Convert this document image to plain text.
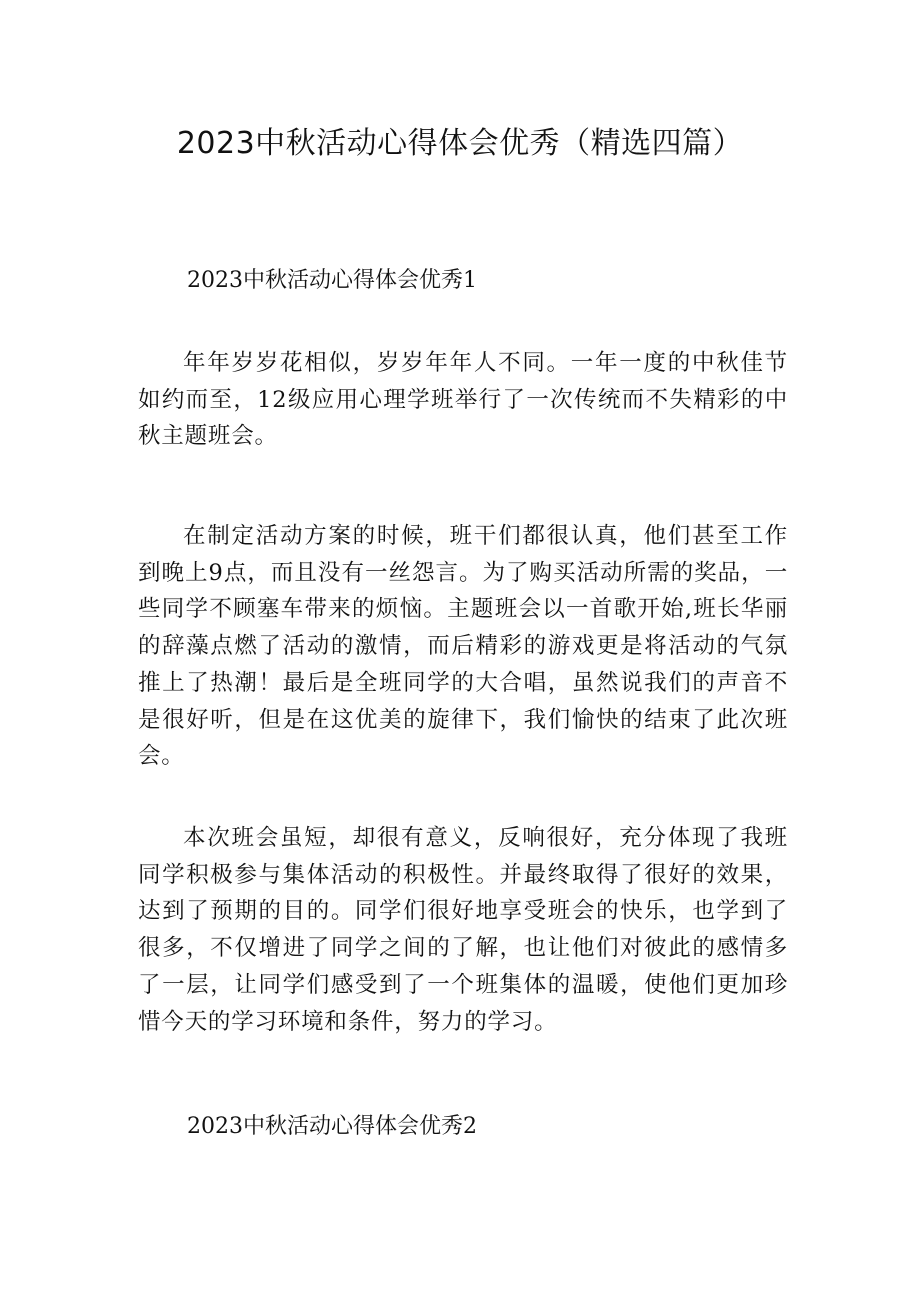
2023中秋活动心得体会优秀（精选四篇）
2023中秋活动心得体会优秀1

年年岁岁花相似，岁岁年年人不同。一年一度的中秋佳节如约而至，12级应用心理学班举行了一次传统而不失精彩的中秋主题班会。

在制定活动方案的时候，班干们都很认真，他们甚至工作到晚上9点，而且没有一丝怨言。为了购买活动所需的奖品，一些同学不顾塞车带来的烦恼。主题班会以一首歌开始,班长华丽的辞藻点燃了活动的激情，而后精彩的游戏更是将活动的气氛推上了热潮！最后是全班同学的大合唱，虽然说我们的声音不是很好听，但是在这优美的旋律下，我们愉快的结束了此次班会。

本次班会虽短，却很有意义，反响很好，充分体现了我班同学积极参与集体活动的积极性。并最终取得了很好的效果，达到了预期的目的。同学们很好地享受班会的快乐，也学到了很多，不仅增进了同学之间的了解，也让他们对彼此的感情多了一层，让同学们感受到了一个班集体的温暖，使他们更加珍惜今天的学习环境和条件，努力的学习。

2023中秋活动心得体会优秀2
